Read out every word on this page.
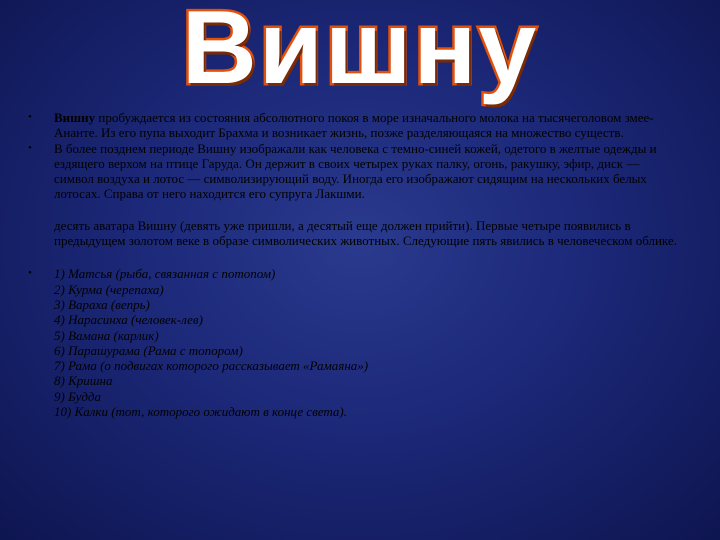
Вишну
•	Вишну пробуждается из состояния абсолютного покоя в море изначального молока на тысячеголовом змее-Ананте. Из его пупа выходит Брахма и возникает жизнь, позже разделяющаяся на множество существ.
•	В более позднем периоде Вишну изображали как человека с темно-синей кожей, одетого в желтые одежды и ездящего верхом на птице Гаруда. Он держит в своих четырех руках палку, огонь, ракушку, эфир, диск — символ воздуха и лотос — символизирующий воду. Иногда его изображают сидящим на нескольких белых лотосах. Справа от него находится его супруга Лакшми.
десять аватара Вишну (девять уже пришли, а десятый еще должен прийти). Первые четыре появились в предыдущем золотом веке в образе символических животных. Следующие пять явились в человеческом облике.
•	1) Матсья (рыба, связанная с потопом)
2) Курма (черепаха)
3) Вараха (вепрь)
4) Нарасинха (человек-лев)
5) Вамана (карлик)
6) Парашурама (Рама с топором)
7) Рама (о подвигах которого рассказывает «Рамаяна»)
8) Кришна
9) Будда
10) Калки (тот, которого ожидают в конце света).
